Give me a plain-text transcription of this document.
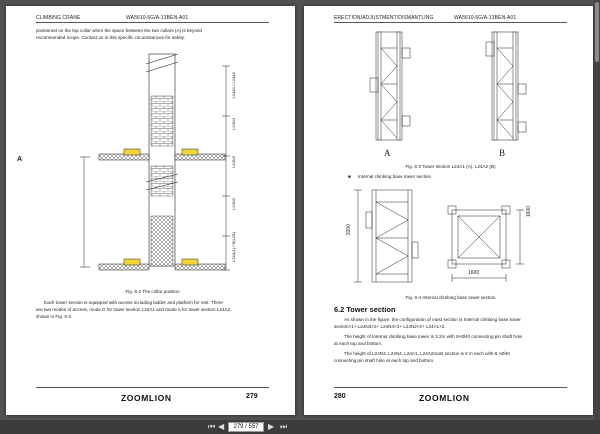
CLIMBING CRANE	WA5610-6G/A-13BEN-A01
positioned on the top collar when the space between the two collars (A) is beyond
recommended scope. Contact us in this specific circumstances for safety.
A
L24A1 / L24A2
L24N4
L24N3
L24N2
L24A(1) / B(L1B)
Fig. 6-2 The collar position
Each tower section is equipped with access including ladder and platform for rest. There
are two modes of access, mode D for tower section L24A1 and mode A for tower section L24A2,
shown in Fig. 6-3.
ZOOMLION	279
ERECTION/ADJUSTMENT/DISMANTLING	WA5610-6G/A-13BEN-A01
A	B
Fig. 6-3 Tower section L24A1 (A), L24A2 (B)
■ Internal climbing base tower section
3200
1600
1600
Fig. 6-4 Internal climbing base tower section
6.2 Tower section
As shown in the figure, the configuration of mast section is Internal climbing base tower
section×1+ L24N3×2+ L24N4×3+ L24N2×2+ L24A1×2.
The height of Internal climbing base tower is 3.2m with 8×Ø40 connecting pin shaft hole
at each top and bottom.
The height of L24N3, L24N4, L24A1, L24A2mast section is 3 m each with 8 ×Ø40
connecting pin shaft hole at each top and bottom.
280	ZOOMLION
⏮ ◀	279 / 557	▶ ⏭
